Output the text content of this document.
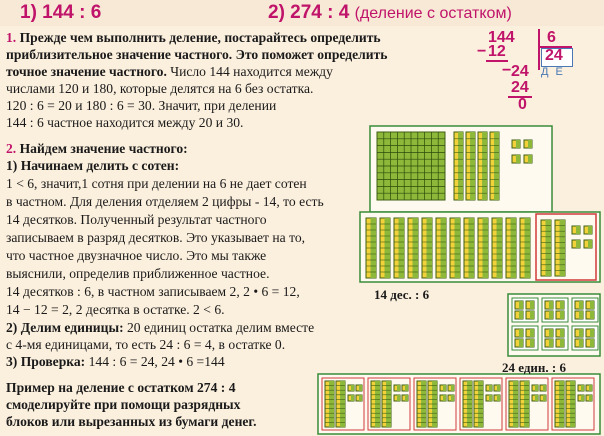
1) 144 : 6	2) 274 : 4 (деление с остатком)
144 6
− 12 24
Д Е
− 24
24
0
1. Прежде чем выполнить деление, постарайтесь определить
приблизительное значение частного. Это поможет определить
точное значение частного. Число 144 находится между
числами 120 и 180, которые делятся на 6 без остатка.
120 : 6 = 20 и 180 : 6 = 30. Значит, при делении
144 : 6 частное находится между 20 и 30.
2. Найдем значение частного:
1) Начинаем делить с сотен:
1 < 6, значит,1 сотня при делении на 6 не дает сотен
в частном. Для деления отделяем 2 цифры - 14, то есть
14 десятков. Полученный результат частного
записываем в разряд десятков. Это указывает на то,
что частное двузначное число. Это мы также
выяснили, определив приближенное частное.
14 десятков : 6, в частном записываем 2, 2 • 6 = 12,
14 − 12 = 2, 2 десятка в остатке. 2 < 6.
2) Делим единицы: 20 единиц остатка делим вместе
с 4-мя единицами, то есть 24 : 6 = 4, в остатке 0.
3) Проверка: 144 : 6 = 24, 24 • 6 =144
Пример на деление с остатком 274 : 4
смоделируйте при помощи разрядных
блоков или вырезанных из бумаги денег.
14 дес. : 6
24 един. : 6
